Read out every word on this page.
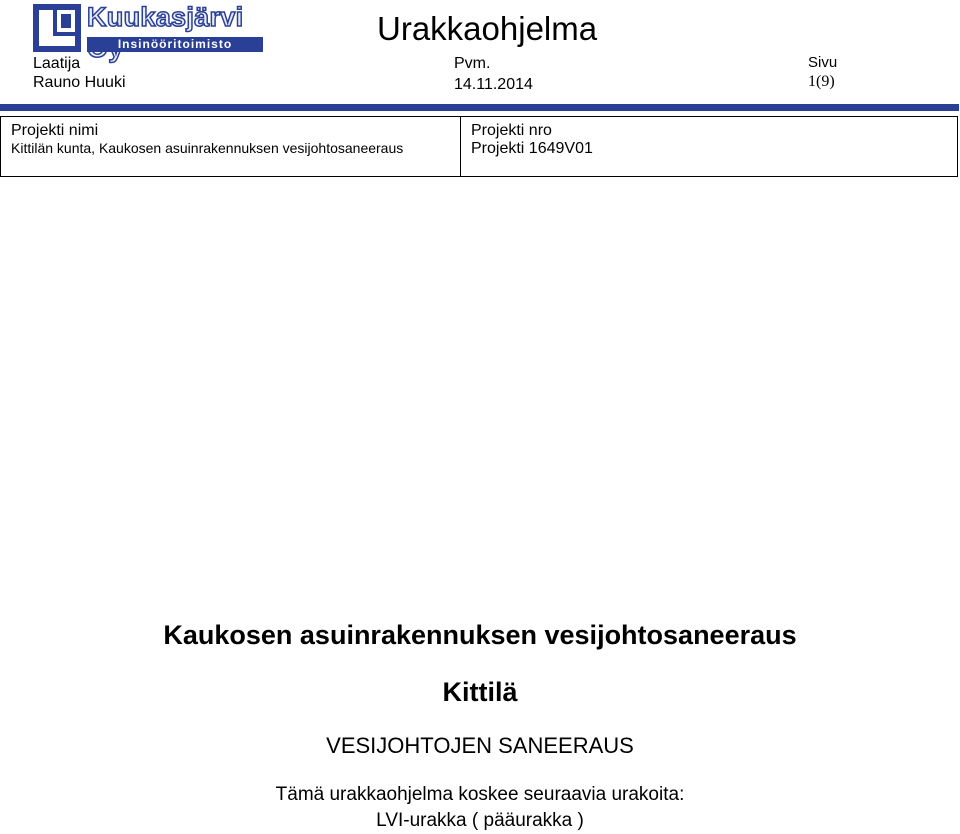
Kuukasjärvi
Insinööritoimisto	Urakkaohjelma
Laatija
Rauno Huuki
Pvm.
14.11.2014
Sivu
1(9)
Projekti nimi
Kittilän kunta, Kaukosen asuinrakennuksen vesijohtosaneeraus
Projekti nro
Projekti 1649V01
Kaukosen asuinrakennuksen vesijohtosaneeraus
Kittilä
VESIJOHTOJEN SANEERAUS
Tämä urakkaohjelma koskee seuraavia urakoita:
LVI-urakka ( pääurakka )
